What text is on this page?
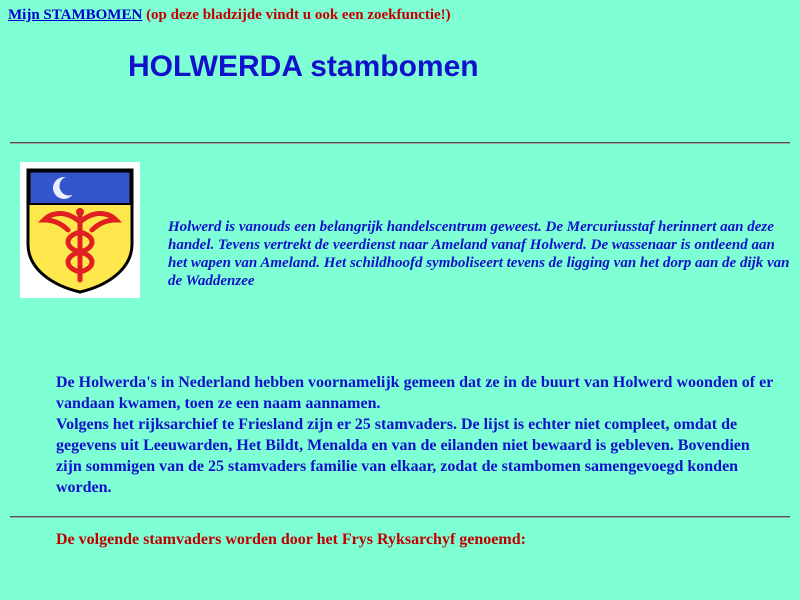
Mijn STAMBOMEN (op deze bladzijde vindt u ook een zoekfunctie!)
HOLWERDA stambomen
Holwerd is vanouds een belangrijk handelscentrum geweest. De Mercuriusstaf herinnert aan deze handel. Tevens vertrekt de veerdienst naar Ameland vanaf Holwerd. De wassenaar is ontleend aan het wapen van Ameland. Het schildhoofd symboliseert tevens de ligging van het dorp aan de dijk van de Waddenzee
De Holwerda's in Nederland hebben voornamelijk gemeen dat ze in de buurt van Holwerd woonden of er vandaan kwamen, toen ze een naam aannamen.
Volgens het rijksarchief te Friesland zijn er 25 stamvaders. De lijst is echter niet compleet, omdat de gegevens uit Leeuwarden, Het Bildt, Menalda en van de eilanden niet bewaard is gebleven. Bovendien zijn sommigen van de 25 stamvaders familie van elkaar, zodat de stambomen samengevoegd konden worden.
De volgende stamvaders worden door het Frys Ryksarchyf genoemd:
